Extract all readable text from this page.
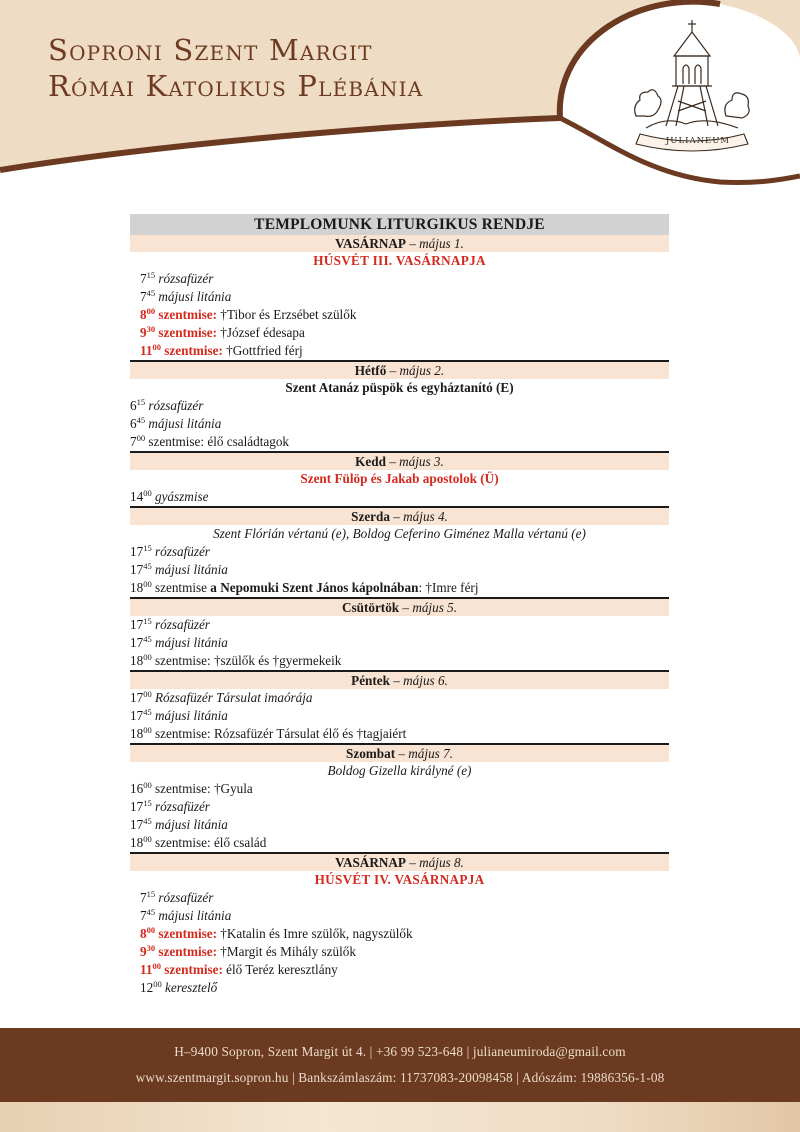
Soproni Szent Margit
Római Katolikus Plébánia
JULIANEUM
TEMPLOMUNK LITURGIKUS RENDJE
VASÁRNAP – május 1.
HÚSVÉT III. VASÁRNAPJA
$7^{15}$ rózsafüzér
$7^{45}$ májusi litánia
$8^{00}$ szentmise: †Tibor és Erzsébet szülők
$9^{30}$ szentmise: †József édesapa
$11^{00}$ szentmise: †Gottfried férj
Hétfő – május 2.
Szent Atanáz püspök és egyháztanító (E)
$6^{15}$ rózsafüzér
$6^{45}$ májusi litánia
$7^{00}$ szentmise: élő családtagok
Kedd – május 3.
Szent Fülöp és Jakab apostolok (Ü)
$14^{00}$ gyászmise
Szerda – május 4.
Szent Flórián vértanú (e), Boldog Ceferino Giménez Malla vértanú (e)
$17^{15}$ rózsafüzér
$17^{45}$ májusi litánia
$18^{00}$ szentmise a Nepomuki Szent János kápolnában: †Imre férj
Csütörtök – május 5.
$17^{15}$ rózsafüzér
$17^{45}$ májusi litánia
$18^{00}$ szentmise: †szülők és †gyermekeik
Péntek – május 6.
$17^{00}$ Rózsafüzér Társulat imaórája
$17^{45}$ májusi litánia
$18^{00}$ szentmise: Rózsafüzér Társulat élő és †tagjaiért
Szombat – május 7.
Boldog Gizella királyné (e)
$16^{00}$ szentmise: †Gyula
$17^{15}$ rózsafüzér
$17^{45}$ májusi litánia
$18^{00}$ szentmise: élő család
VASÁRNAP – május 8.
HÚSVÉT IV. VASÁRNAPJA
$7^{15}$ rózsafüzér
$7^{45}$ májusi litánia
$8^{00}$ szentmise: †Katalin és Imre szülők, nagyszülők
$9^{30}$ szentmise: †Margit és Mihály szülők
$11^{00}$ szentmise: élő Teréz keresztlány
$12^{00}$ keresztelő
H–9400 Sopron, Szent Margit út 4. | +36 99 523-648 | julianeumiroda@gmail.com
www.szentmargit.sopron.hu | Bankszámlaszám: 11737083-20098458 | Adószám: 19886356-1-08
